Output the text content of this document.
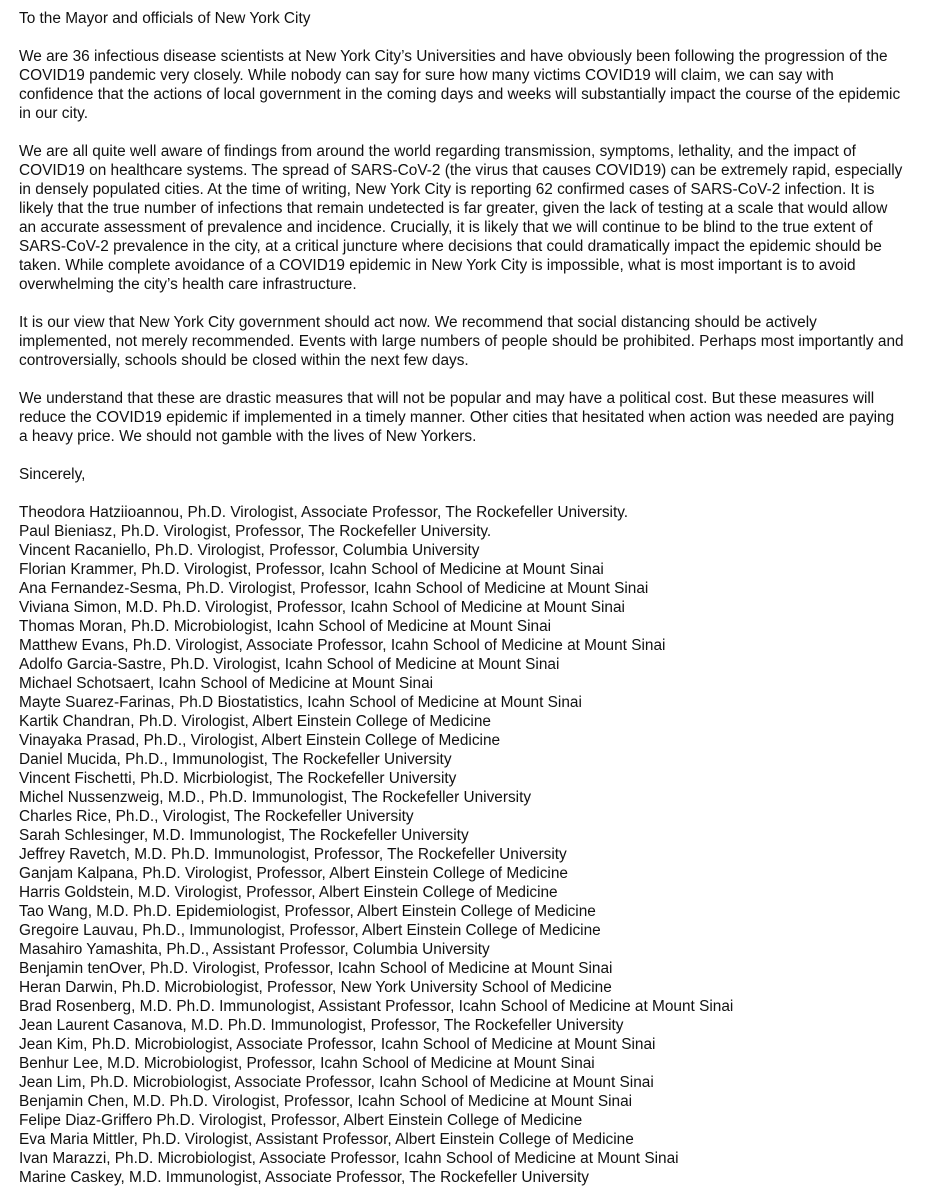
To the Mayor and officials of New York City

We are 36 infectious disease scientists at New York City’s Universities and have obviously been following the progression of the COVID19 pandemic very closely. While nobody can say for sure how many victims COVID19 will claim, we can say with confidence that the actions of local government in the coming days and weeks will substantially impact the course of the epidemic in our city.

We are all quite well aware of findings from around the world regarding transmission, symptoms, lethality, and the impact of COVID19 on healthcare systems. The spread of SARS-CoV-2 (the virus that causes COVID19) can be extremely rapid, especially in densely populated cities. At the time of writing, New York City is reporting 62 confirmed cases of SARS-CoV-2 infection. It is likely that the true number of infections that remain undetected is far greater, given the lack of testing at a scale that would allow an accurate assessment of prevalence and incidence. Crucially, it is likely that we will continue to be blind to the true extent of SARS-CoV-2 prevalence in the city, at a critical juncture where decisions that could dramatically impact the epidemic should be taken. While complete avoidance of a COVID19 epidemic in New York City is impossible, what is most important is to avoid overwhelming the city’s health care infrastructure.

It is our view that New York City government should act now. We recommend that social distancing should be actively implemented, not merely recommended. Events with large numbers of people should be prohibited. Perhaps most importantly and controversially, schools should be closed within the next few days.

We understand that these are drastic measures that will not be popular and may have a political cost. But these measures will reduce the COVID19 epidemic if implemented in a timely manner. Other cities that hesitated when action was needed are paying a heavy price. We should not gamble with the lives of New Yorkers.

Sincerely,

Theodora Hatziioannou, Ph.D. Virologist, Associate Professor, The Rockefeller University.
Paul Bieniasz, Ph.D. Virologist, Professor, The Rockefeller University.
Vincent Racaniello, Ph.D. Virologist, Professor, Columbia University
Florian Krammer, Ph.D. Virologist, Professor, Icahn School of Medicine at Mount Sinai
Ana Fernandez-Sesma, Ph.D. Virologist, Professor, Icahn School of Medicine at Mount Sinai
Viviana Simon, M.D. Ph.D. Virologist, Professor, Icahn School of Medicine at Mount Sinai
Thomas Moran, Ph.D. Microbiologist, Icahn School of Medicine at Mount Sinai
Matthew Evans, Ph.D. Virologist, Associate Professor, Icahn School of Medicine at Mount Sinai
Adolfo Garcia-Sastre, Ph.D. Virologist, Icahn School of Medicine at Mount Sinai
Michael Schotsaert, Icahn School of Medicine at Mount Sinai
Mayte Suarez-Farinas, Ph.D Biostatistics, Icahn School of Medicine at Mount Sinai
Kartik Chandran, Ph.D. Virologist, Albert Einstein College of Medicine
Vinayaka Prasad, Ph.D., Virologist, Albert Einstein College of Medicine
Daniel Mucida, Ph.D., Immunologist, The Rockefeller University
Vincent Fischetti, Ph.D. Micrbiologist, The Rockefeller University
Michel Nussenzweig, M.D., Ph.D. Immunologist, The Rockefeller University
Charles Rice, Ph.D., Virologist, The Rockefeller University
Sarah Schlesinger, M.D. Immunologist, The Rockefeller University
Jeffrey Ravetch, M.D. Ph.D. Immunologist, Professor, The Rockefeller University
Ganjam Kalpana, Ph.D. Virologist, Professor, Albert Einstein College of Medicine
Harris Goldstein, M.D. Virologist, Professor, Albert Einstein College of Medicine
Tao Wang, M.D. Ph.D. Epidemiologist, Professor, Albert Einstein College of Medicine
Gregoire Lauvau, Ph.D., Immunologist, Professor, Albert Einstein College of Medicine
Masahiro Yamashita, Ph.D., Assistant Professor, Columbia University
Benjamin tenOver, Ph.D. Virologist, Professor, Icahn School of Medicine at Mount Sinai
Heran Darwin, Ph.D. Microbiologist, Professor, New York University School of Medicine
Brad Rosenberg, M.D. Ph.D. Immunologist, Assistant Professor, Icahn School of Medicine at Mount Sinai
Jean Laurent Casanova, M.D. Ph.D. Immunologist, Professor, The Rockefeller University
Jean Kim, Ph.D. Microbiologist, Associate Professor, Icahn School of Medicine at Mount Sinai
Benhur Lee, M.D. Microbiologist, Professor, Icahn School of Medicine at Mount Sinai
Jean Lim, Ph.D. Microbiologist, Associate Professor, Icahn School of Medicine at Mount Sinai
Benjamin Chen, M.D. Ph.D. Virologist, Professor, Icahn School of Medicine at Mount Sinai
Felipe Diaz-Griffero Ph.D. Virologist, Professor, Albert Einstein College of Medicine
Eva Maria Mittler, Ph.D. Virologist, Assistant Professor, Albert Einstein College of Medicine
Ivan Marazzi, Ph.D. Microbiologist, Associate Professor, Icahn School of Medicine at Mount Sinai
Marine Caskey, M.D. Immunologist, Associate Professor, The Rockefeller University
